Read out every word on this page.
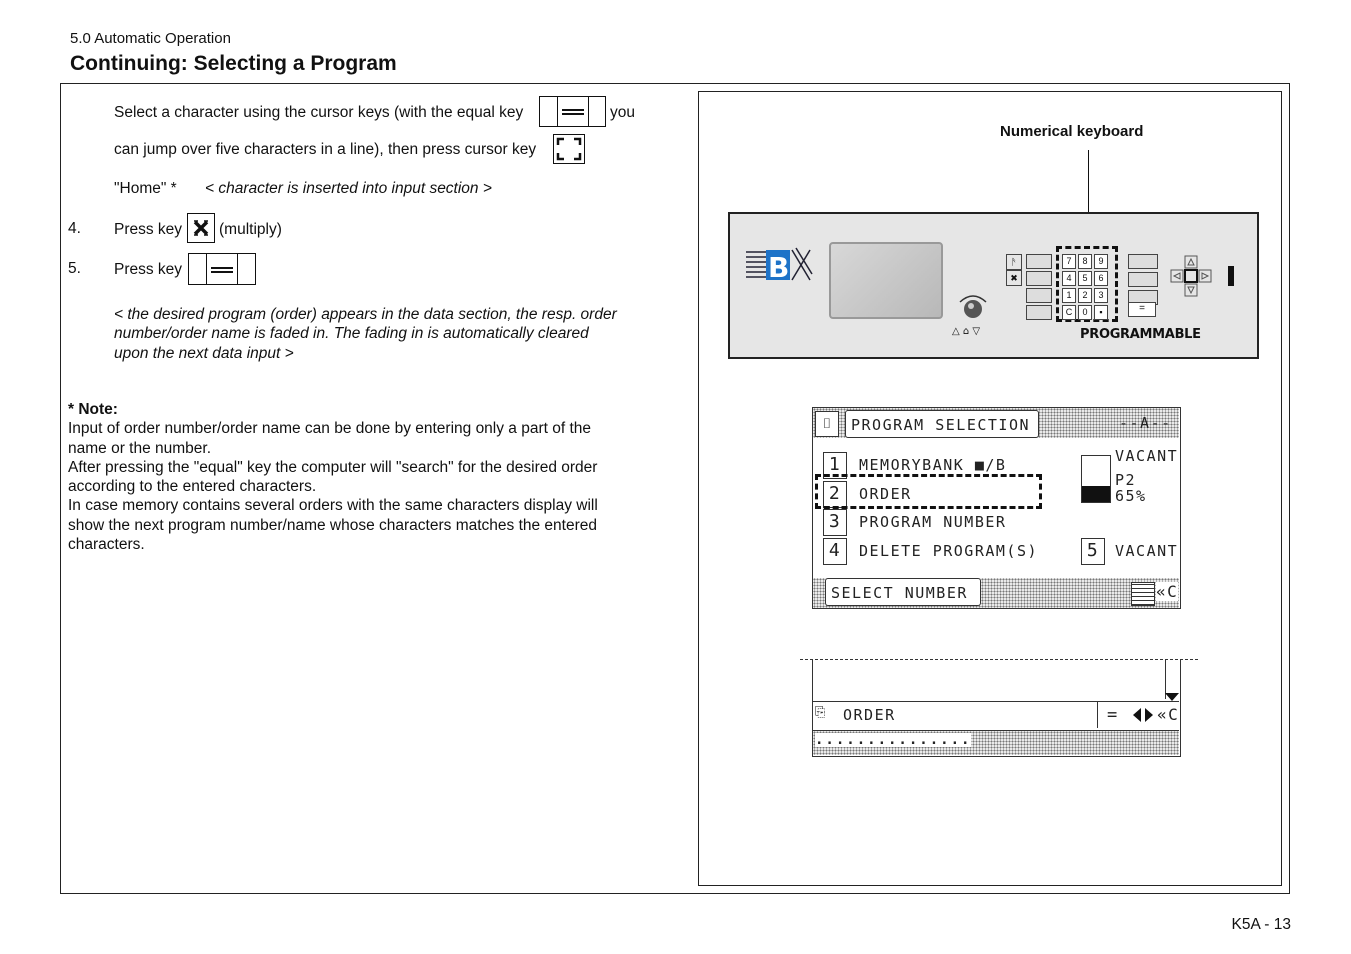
5.0 Automatic Operation
Continuing: Selecting a Program
Select a character using the cursor keys (with the equal key	you
can jump over five characters in a line), then press cursor key
"Home" * < character is inserted into input section >
4. Press key (multiply)
5. Press key
< the desired program (order) appears in the data section, the resp. order
number/order name is faded in. The fading in is automatically cleared
upon the next data input >

* Note:

Input of order number/order name can be done by entering only a part of the

name or the number.

After pressing the "equal" key the computer will "search" for the desired order

according to the entered characters.

In case memory contains several orders with the same characters display will

show the next program number/name whose characters matches the entered

characters.

Numerical keyboard
B
△ ⌂ ▽
ᚫ
✖
7	8	9
4	5	6
1	2	3
C	0	▪	=
PROGRAMMABLE
⌷	PROGRAM SELECTION	--A--
1	MEMORYBANK ■/B
2	ORDER
3	PROGRAM NUMBER
4	DELETE PROGRAM(S)
VACANT
P2
65%
5	VACANT
SELECT NUMBER	«C
⎘	ORDER	= «C
...............
K5A - 13
